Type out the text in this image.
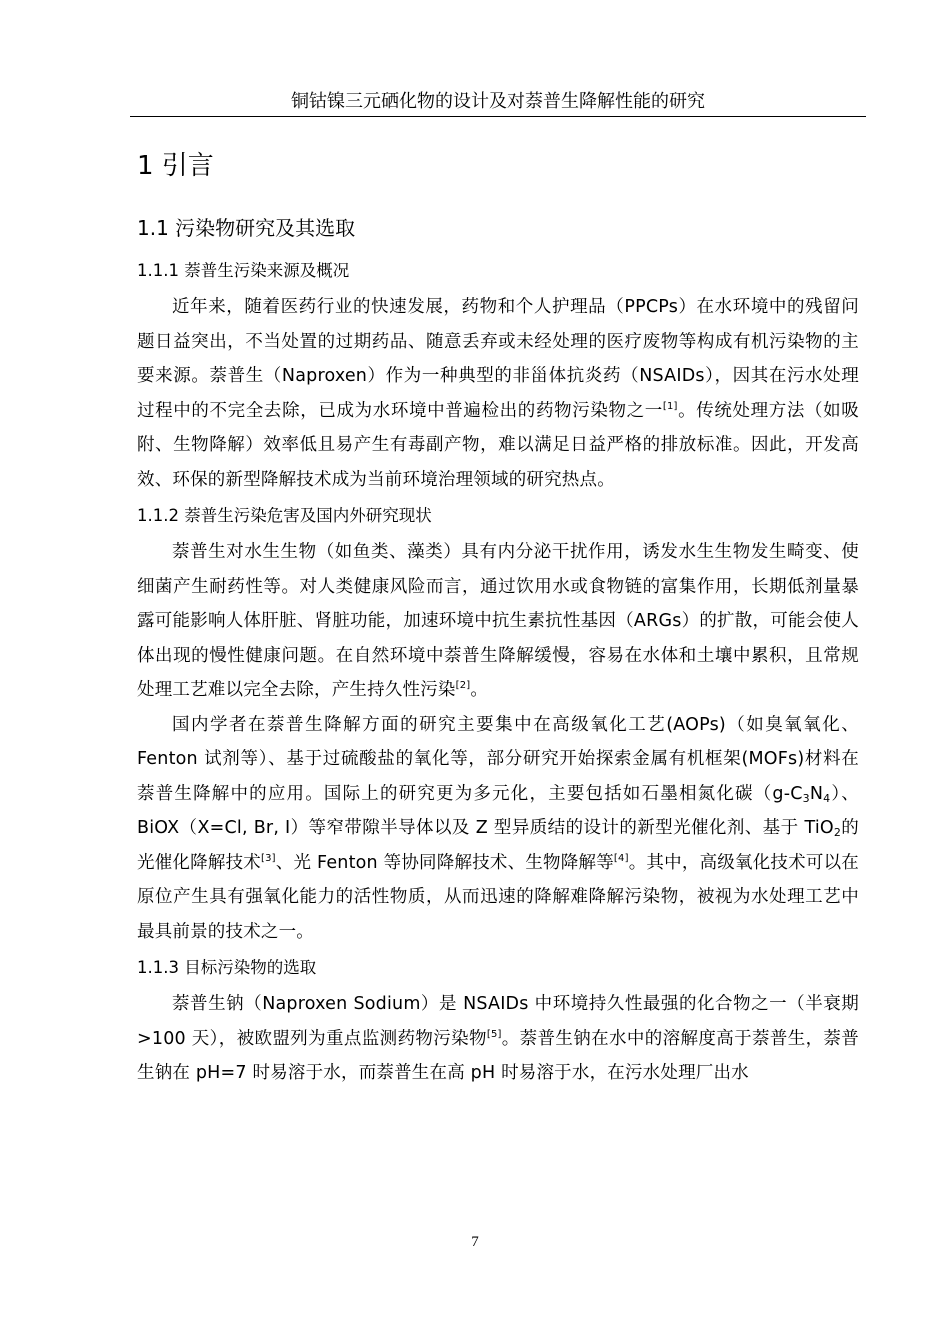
铜钴镍三元硒化物的设计及对萘普生降解性能的研究
1 引言
1.1 污染物研究及其选取
1.1.1 萘普生污染来源及概况

近年来，随着医药行业的快速发展，药物和个人护理品（PPCPs）在水环境中的残留问题日益突出，不当处置的过期药品、随意丢弃或未经处理的医疗废物等构成有机污染物的主要来源。萘普生（Naproxen）作为一种典型的非甾体抗炎药（NSAIDs），因其在污水处理过程中的不完全去除，已成为水环境中普遍检出的药物污染物之一[1]。传统处理方法（如吸附、生物降解）效率低且易产生有毒副产物，难以满足日益严格的排放标准。因此，开发高效、环保的新型降解技术成为当前环境治理领域的研究热点。

1.1.2 萘普生污染危害及国内外研究现状

萘普生对水生生物（如鱼类、藻类）具有内分泌干扰作用，诱发水生生物发生畸变、使细菌产生耐药性等。对人类健康风险而言，通过饮用水或食物链的富集作用，长期低剂量暴露可能影响人体肝脏、肾脏功能，加速环境中抗生素抗性基因（ARGs）的扩散，可能会使人体出现的慢性健康问题。在自然环境中萘普生降解缓慢，容易在水体和土壤中累积，且常规处理工艺难以完全去除，产生持久性污染[2]。

国内学者在萘普生降解方面的研究主要集中在高级氧化工艺(AOPs)（如臭氧氧化、Fenton 试剂等）、基于过硫酸盐的氧化等，部分研究开始探索金属有机框架(MOFs)材料在萘普生降解中的应用。国际上的研究更为多元化，主要包括如石墨相氮化碳$(g-C_3N_4)$、BiOX（X=Cl, Br, I）等窄带隙半导体以及 Z 型异质结的设计的新型光催化剂、基于 TiO$_2$的光催化降解技术[3]、光 Fenton 等协同降解技术、生物降解等[4]。其中，高级氧化技术可以在原位产生具有强氧化能力的活性物质，从而迅速的降解难降解污染物，被视为水处理工艺中最具前景的技术之一。

1.1.3 目标污染物的选取

萘普生钠（Naproxen Sodium）是 NSAIDs 中环境持久性最强的化合物之一（半衰期>100 天），被欧盟列为重点监测药物污染物[5]。萘普生钠在水中的溶解度高于萘普生，萘普生钠在 pH=7 时易溶于水，而萘普生在高 pH 时易溶于水，在污水处理厂出水

7
